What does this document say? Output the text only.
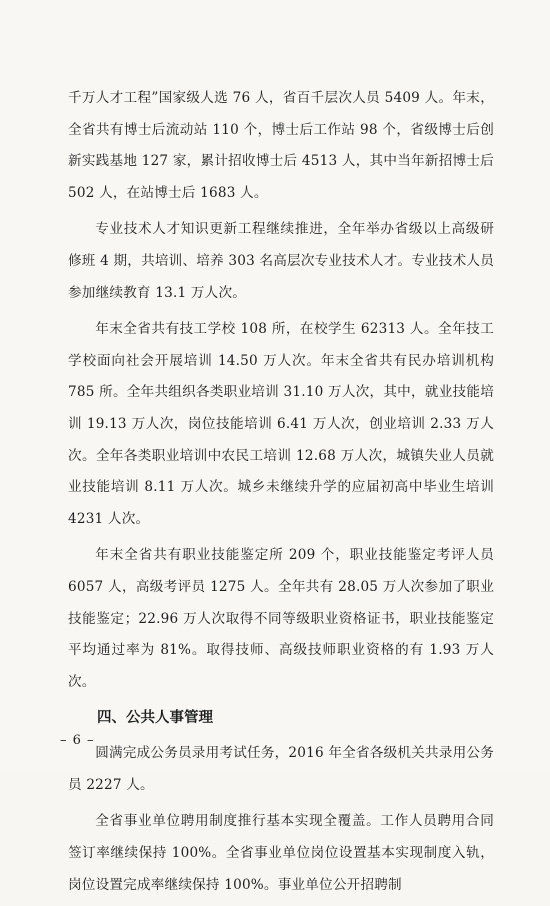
千万人才工程”国家级人选 76 人，省百千层次人员 5409 人。年末，全省共有博士后流动站 110 个，博士后工作站 98 个，省级博士后创新实践基地 127 家，累计招收博士后 4513 人，其中当年新招博士后 502 人，在站博士后 1683 人。

专业技术人才知识更新工程继续推进，全年举办省级以上高级研修班 4 期，共培训、培养 303 名高层次专业技术人才。专业技术人员参加继续教育 13.1 万人次。

年末全省共有技工学校 108 所，在校学生 62313 人。全年技工学校面向社会开展培训 14.50 万人次。年末全省共有民办培训机构 785 所。全年共组织各类职业培训 31.10 万人次，其中，就业技能培训 19.13 万人次，岗位技能培训 6.41 万人次，创业培训 2.33 万人次。全年各类职业培训中农民工培训 12.68 万人次，城镇失业人员就业技能培训 8.11 万人次。城乡未继续升学的应届初高中毕业生培训 4231 人次。

年末全省共有职业技能鉴定所 209 个，职业技能鉴定考评人员 6057 人，高级考评员 1275 人。全年共有 28.05 万人次参加了职业技能鉴定；22.96 万人次取得不同等级职业资格证书，职业技能鉴定平均通过率为 81%。取得技师、高级技师职业资格的有 1.93 万人次。

四、公共人事管理

圆满完成公务员录用考试任务，2016 年全省各级机关共录用公务员 2227 人。

全省事业单位聘用制度推行基本实现全覆盖。工作人员聘用合同签订率继续保持 100%。全省事业单位岗位设置基本实现制度入轨，岗位设置完成率继续保持 100%。事业单位公开招聘制

– 6 –
